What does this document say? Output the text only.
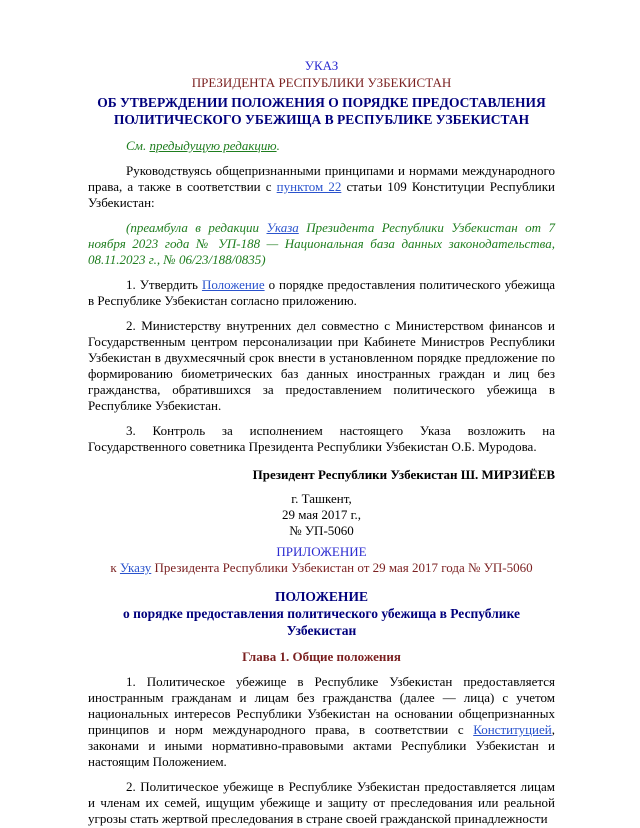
УКАЗ
ПРЕЗИДЕНТА РЕСПУБЛИКИ УЗБЕКИСТАН
ОБ УТВЕРЖДЕНИИ ПОЛОЖЕНИЯ О ПОРЯДКЕ ПРЕДОСТАВЛЕНИЯ ПОЛИТИЧЕСКОГО УБЕЖИЩА В РЕСПУБЛИКЕ УЗБЕКИСТАН

См. предыдущую редакцию.

Руководствуясь общепризнанными принципами и нормами международного права, а также в соответствии с пунктом 22 статьи 109 Конституции Республики Узбекистан:

(преамбула в редакции Указа Президента Республики Узбекистан от 7 ноября 2023 года № УП-188 — Национальная база данных законодательства, 08.11.2023 г., № 06/23/188/0835)

1. Утвердить Положение о порядке предоставления политического убежища в Республике Узбекистан согласно приложению.

2. Министерству внутренних дел совместно с Министерством финансов и Государственным центром персонализации при Кабинете Министров Республики Узбекистан в двухмесячный срок внести в установленном порядке предложение по формированию биометрических баз данных иностранных граждан и лиц без гражданства, обратившихся за предоставлением политического убежища в Республике Узбекистан.

3. Контроль за исполнением настоящего Указа возложить на Государственного советника Президента Республики Узбекистан О.Б. Муродова.

Президент Республики Узбекистан Ш. МИРЗИЁЕВ
г. Ташкент,
29 мая 2017 г.,
№ УП-5060
ПРИЛОЖЕНИЕ
к Указу Президента Республики Узбекистан от 29 мая 2017 года № УП-5060
ПОЛОЖЕНИЕ
о порядке предоставления политического убежища в Республике Узбекистан
Глава 1. Общие положения

1. Политическое убежище в Республике Узбекистан предоставляется иностранным гражданам и лицам без гражданства (далее — лица) с учетом национальных интересов Республики Узбекистан на основании общепризнанных принципов и норм международного права, в соответствии с Конституцией, законами и иными нормативно-правовыми актами Республики Узбекистан и настоящим Положением.

2. Политическое убежище в Республике Узбекистан предоставляется лицам и членам их семей, ищущим убежище и защиту от преследования или реальной угрозы стать жертвой преследования в стране своей гражданской принадлежности
